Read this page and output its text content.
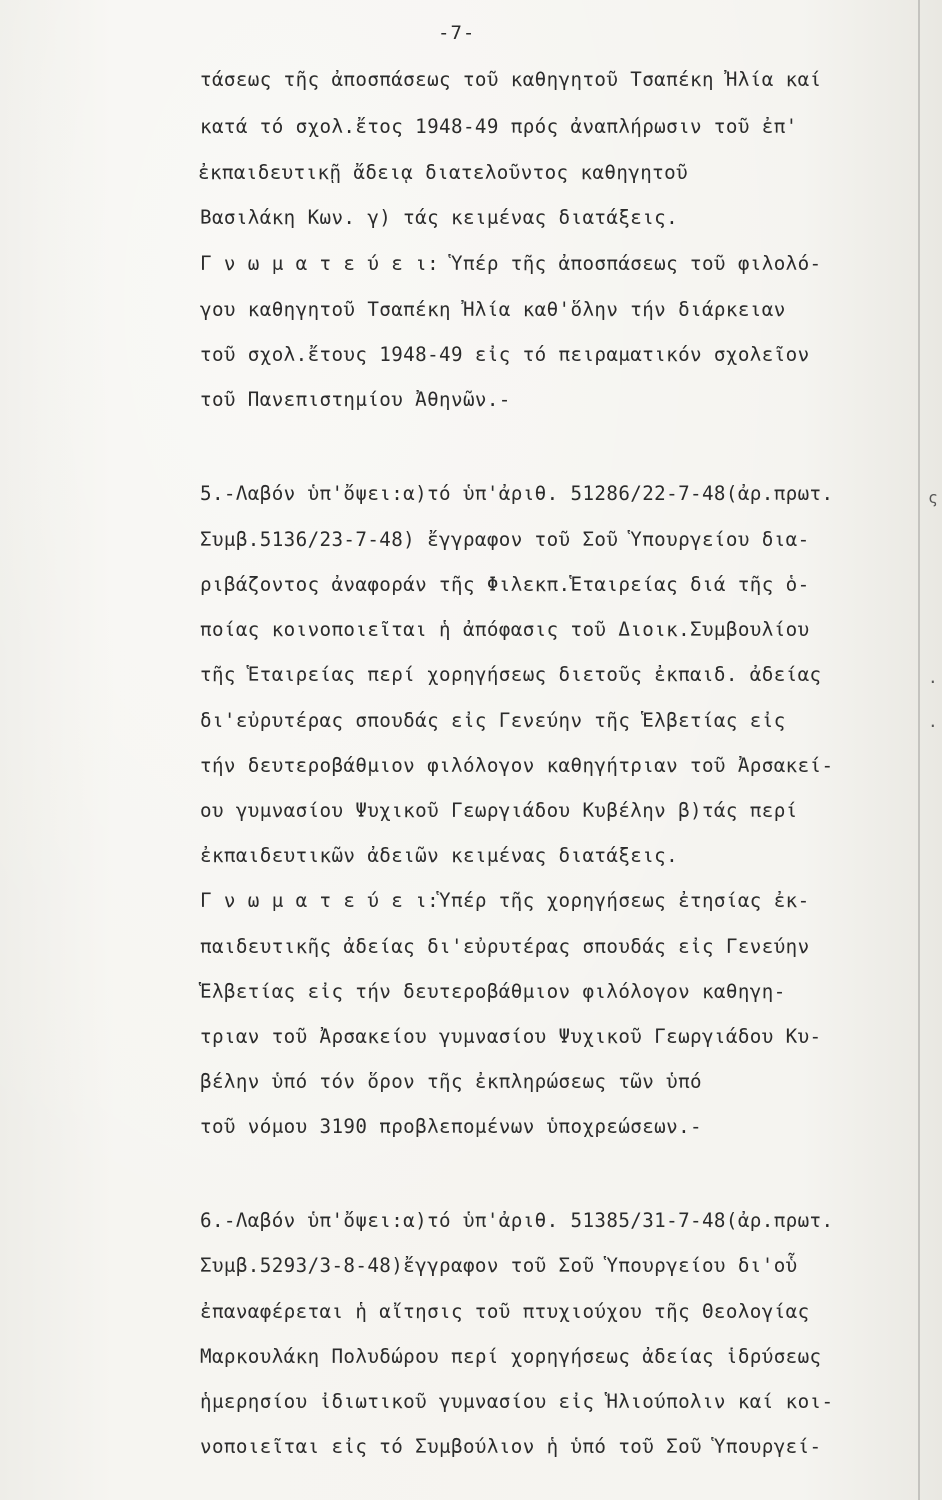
-7-
τάσεως τῆς ἀποσπάσεως τοῦ καθηγητοῦ Τσαπέκη Ἠλία καί
κατά τό σχολ.ἔτος 1948-49 πρός ἀναπλήρωσιν τοῦ ἐπ'
ἐκπαιδευτικῇ ἄδειᾳ διατελοῦντος καθηγητοῦ
Βασιλάκη Κων. γ) τάς κειμένας διατάξεις.
Γ ν ω μ α τ ε ύ ε ι: Ὑπέρ τῆς ἀποσπάσεως τοῦ φιλολό-
γου καθηγητοῦ Τσαπέκη Ἠλία καθ'ὅλην τήν διάρκειαν
τοῦ σχολ.ἔτους 1948-49 εἰς τό πειραματικόν σχολεῖον
τοῦ Πανεπιστημίου Ἀθηνῶν.-
5.-Λαβόν ὑπ'ὄψει:α)τό ὑπ'ἀριθ. 51286/22-7-48(ἀρ.πρωτ.
Συμβ.5136/23-7-48) ἔγγραφον τοῦ Σοῦ Ὑπουργείου δια-
ριβάζοντος ἀναφοράν τῆς Φιλεκπ.Ἑταιρείας διά τῆς ὁ-
ποίας κοινοποιεῖται ἡ ἀπόφασις τοῦ Διοικ.Συμβουλίου
τῆς Ἑταιρείας περί χορηγήσεως διετοῦς ἐκπαιδ. ἀδείας
δι'εὐρυτέρας σπουδάς εἰς Γενεύην τῆς Ἑλβετίας εἰς
τήν δευτεροβάθμιον φιλόλογον καθηγήτριαν τοῦ Ἀρσακεί-
ου γυμνασίου Ψυχικοῦ Γεωργιάδου Κυβέλην β)τάς περί
ἐκπαιδευτικῶν ἀδειῶν κειμένας διατάξεις.
Γ ν ω μ α τ ε ύ ε ι:Ὑπέρ τῆς χορηγήσεως ἐτησίας ἐκ-
παιδευτικῆς ἀδείας δι'εὐρυτέρας σπουδάς εἰς Γενεύην
Ἑλβετίας εἰς τήν δευτεροβάθμιον φιλόλογον καθηγη-
τριαν τοῦ Ἀρσακείου γυμνασίου Ψυχικοῦ Γεωργιάδου Κυ-
βέλην ὑπό τόν ὅρον τῆς ἐκπληρώσεως τῶν ὑπό
τοῦ νόμου 3190 προβλεπομένων ὑποχρεώσεων.-
6.-Λαβόν ὑπ'ὄψει:α)τό ὑπ'ἀριθ. 51385/31-7-48(ἀρ.πρωτ.
Συμβ.5293/3-8-48)ἔγγραφον τοῦ Σοῦ Ὑπουργείου δι'οὗ
ἐπαναφέρεται ἡ αἴτησις τοῦ πτυχιούχου τῆς Θεολογίας
Μαρκουλάκη Πολυδώρου περί χορηγήσεως ἀδείας ἱδρύσεως
ἡμερησίου ἰδιωτικοῦ γυμνασίου εἰς Ἡλιούπολιν καί κοι-
νοποιεῖται εἰς τό Συμβούλιον ἡ ὑπό τοῦ Σοῦ Ὑπουργεί-
ς
.
.
